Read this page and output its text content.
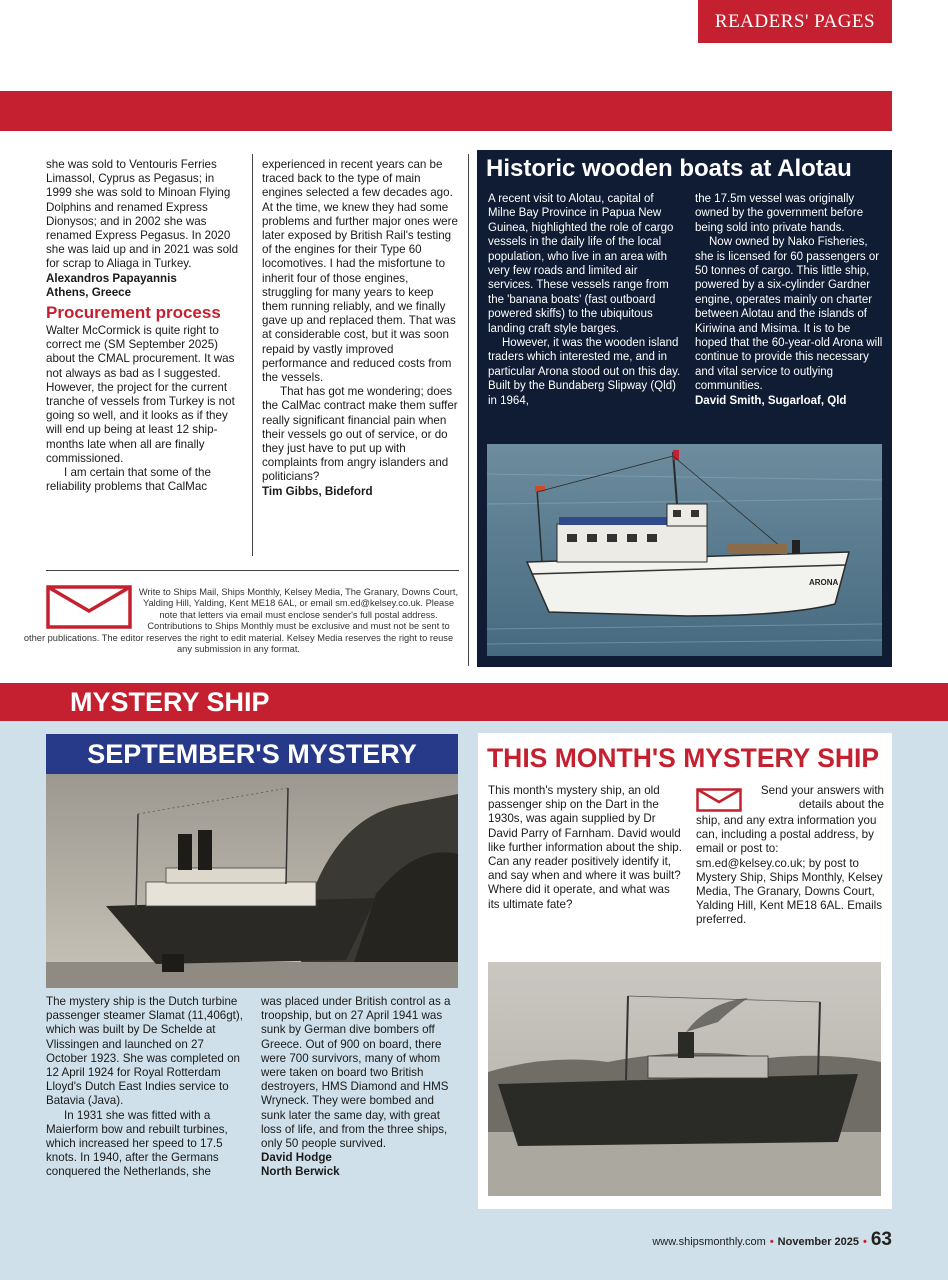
READERS' PAGES

she was sold to Ventouris Ferries Limassol, Cyprus as Pegasus; in 1999 she was sold to Minoan Flying Dolphins and renamed Express Dionysos; and in 2002 she was renamed Express Pegasus. In 2020 she was laid up and in 2021 was sold for scrap to Aliaga in Turkey.

Alexandros Papayannis

Athens, Greece

Procurement process

Walter McCormick is quite right to correct me (SM September 2025) about the CMAL procurement. It was not always as bad as I suggested. However, the project for the current tranche of vessels from Turkey is not going so well, and it looks as if they will end up being at least 12 ship-months late when all are finally commissioned.

I am certain that some of the reliability problems that CalMac

experienced in recent years can be traced back to the type of main engines selected a few decades ago. At the time, we knew they had some problems and further major ones were later exposed by British Rail's testing of the engines for their Type 60 locomotives. I had the misfortune to inherit four of those engines, struggling for many years to keep them running reliably, and we finally gave up and replaced them. That was at considerable cost, but it was soon repaid by vastly improved performance and reduced costs from the vessels.

That has got me wondering; does the CalMac contract make them suffer really significant financial pain when their vessels go out of service, or do they just have to put up with complaints from angry islanders and politicians?

Tim Gibbs, Bideford

Write to Ships Mail, Ships Monthly, Kelsey Media, The Granary, Downs Court, Yalding Hill, Yalding, Kent ME18 6AL, or email sm.ed@kelsey.co.uk. Please note that letters via email must enclose sender's full postal address. Contributions to Ships Monthly must be exclusive and must not be sent to other publications. The editor reserves the right to edit material. Kelsey Media reserves the right to reuse any submission in any format.
Historic wooden boats at Alotau

A recent visit to Alotau, capital of Milne Bay Province in Papua New Guinea, highlighted the role of cargo vessels in the daily life of the local population, who live in an area with very few roads and limited air services. These vessels range from the 'banana boats' (fast outboard powered skiffs) to the ubiquitous landing craft style barges.

However, it was the wooden island traders which interested me, and in particular Arona stood out on this day. Built by the Bundaberg Slipway (Qld) in 1964,

the 17.5m vessel was originally owned by the government before being sold into private hands.

Now owned by Nako Fisheries, she is licensed for 60 passengers or 50 tonnes of cargo. This little ship, powered by a six-cylinder Gardner engine, operates mainly on charter between Alotau and the islands of Kiriwina and Misima. It is to be hoped that the 60-year-old Arona will continue to provide this necessary and vital service to outlying communities.

David Smith, Sugarloaf, Qld

ARONA
MYSTERY SHIP
SEPTEMBER'S MYSTERY

The mystery ship is the Dutch turbine passenger steamer Slamat (11,406gt), which was built by De Schelde at Vlissingen and launched on 27 October 1923. She was completed on 12 April 1924 for Royal Rotterdam Lloyd's Dutch East Indies service to Batavia (Java).

In 1931 she was fitted with a Maierform bow and rebuilt turbines, which increased her speed to 17.5 knots. In 1940, after the Germans conquered the Netherlands, she

was placed under British control as a troopship, but on 27 April 1941 was sunk by German dive bombers off Greece. Out of 900 on board, there were 700 survivors, many of whom were taken on board two British destroyers, HMS Diamond and HMS Wryneck. They were bombed and sunk later the same day, with great loss of life, and from the three ships, only 50 people survived.

David Hodge

North Berwick

THIS MONTH'S MYSTERY SHIP

This month's mystery ship, an old passenger ship on the Dart in the 1930s, was again supplied by Dr David Parry of Farnham. David would like further information about the ship. Can any reader positively identify it, and say when and where it was built? Where did it operate, and what was its ultimate fate?

Send your answers with details about the

ship, and any extra information you can, including a postal address, by email or post to: sm.ed@kelsey.co.uk; by post to Mystery Ship, Ships Monthly, Kelsey Media, The Granary, Downs Court, Yalding Hill, Kent ME18 6AL. Emails preferred.

www.shipsmonthly.com • November 2025 • 63
